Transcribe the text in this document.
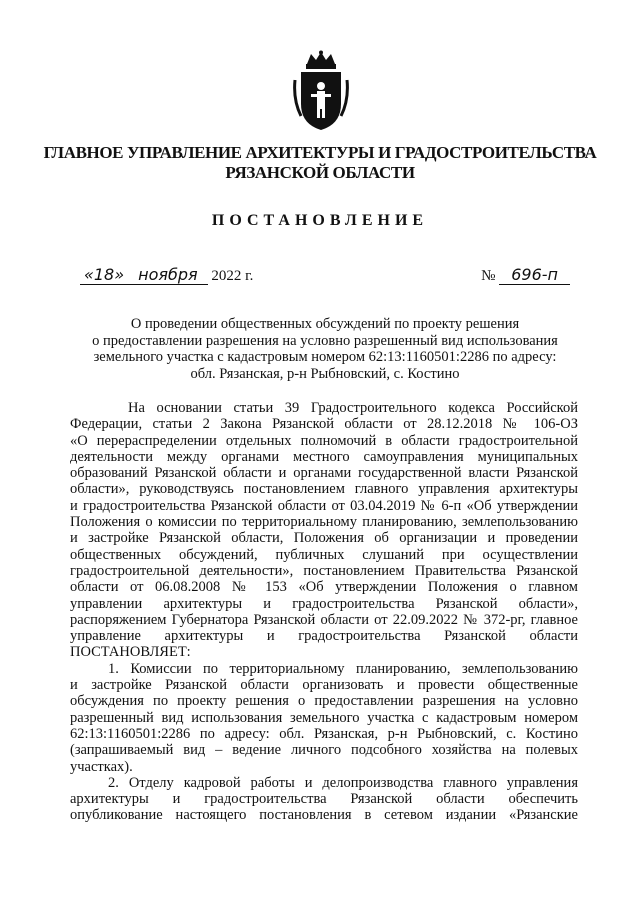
ГЛАВНОЕ УПРАВЛЕНИЕ АРХИТЕКТУРЫ И ГРАДОСТРОИТЕЛЬСТВА
РЯЗАНСКОЙ ОБЛАСТИ
ПОСТАНОВЛЕНИЕ
«18» ноября 2022 г.	№ 696-п
О проведении общественных обсуждений по проекту решения
о предоставлении разрешения на условно разрешенный вид использования
земельного участка с кадастровым номером 62:13:1160501:2286 по адресу:
обл. Рязанская, р-н Рыбновский, с. Костино
На основании статьи 39 Градостроительного кодекса Российской
Федерации, статьи 2 Закона Рязанской области от 28.12.2018 № 106-ОЗ
«О перераспределении отдельных полномочий в области градостроительной
деятельности между органами местного самоуправления муниципальных
образований Рязанской области и органами государственной власти Рязанской
области», руководствуясь постановлением главного управления архитектуры
и градостроительства Рязанской области от 03.04.2019 № 6-п «Об утверждении
Положения о комиссии по территориальному планированию, землепользованию
и застройке Рязанской области, Положения об организации и проведении
общественных обсуждений, публичных слушаний при осуществлении
градостроительной деятельности», постановлением Правительства Рязанской
области от 06.08.2008 № 153 «Об утверждении Положения о главном
управлении архитектуры и градостроительства Рязанской области»,
распоряжением Губернатора Рязанской области от 22.09.2022 № 372-рг, главное
управление архитектуры и градостроительства Рязанской области
ПОСТАНОВЛЯЕТ:
1. Комиссии по территориальному планированию, землепользованию
и застройке Рязанской области организовать и провести общественные
обсуждения по проекту решения о предоставлении разрешения на условно
разрешенный вид использования земельного участка с кадастровым номером
62:13:1160501:2286 по адресу: обл. Рязанская, р-н Рыбновский, с. Костино
(запрашиваемый вид – ведение личного подсобного хозяйства на полевых
участках).
2. Отделу кадровой работы и делопроизводства главного управления
архитектуры и градостроительства Рязанской области обеспечить
опубликование настоящего постановления в сетевом издании «Рязанские
